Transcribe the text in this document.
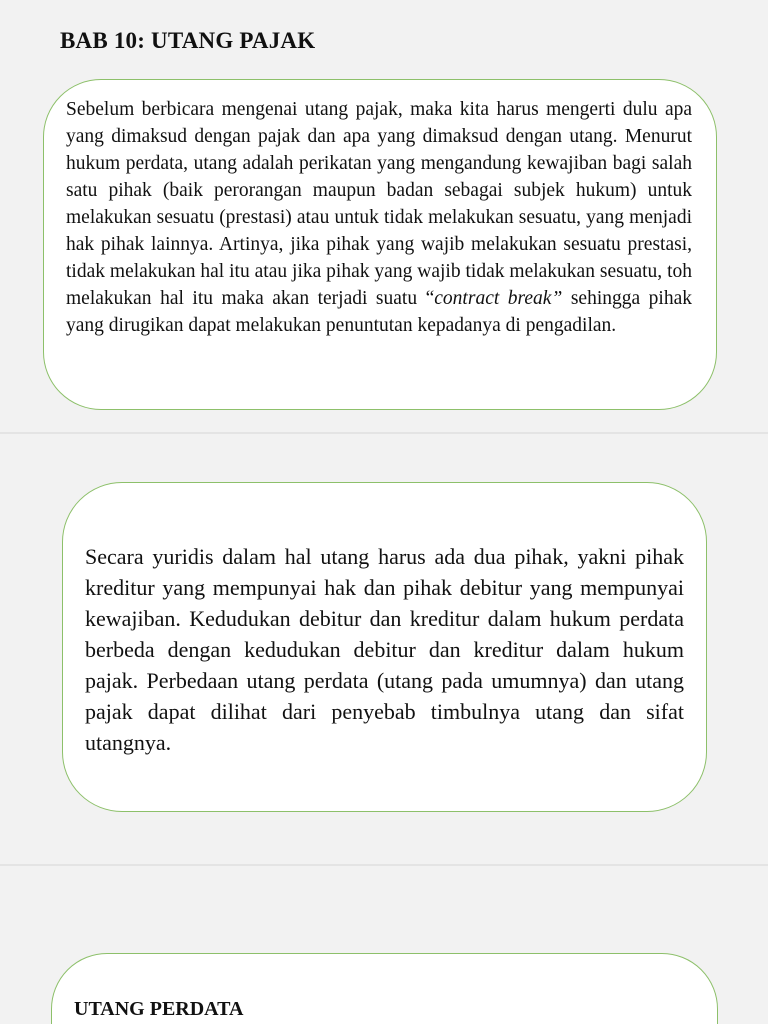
BAB 10: UTANG PAJAK

Sebelum berbicara mengenai utang pajak, maka kita harus mengerti dulu apa yang dimaksud dengan pajak dan apa yang dimaksud dengan utang. Menurut hukum perdata, utang adalah perikatan yang mengandung kewajiban bagi salah satu pihak (baik perorangan maupun badan sebagai subjek hukum) untuk melakukan sesuatu (prestasi) atau untuk tidak melakukan sesuatu, yang menjadi hak pihak lainnya. Artinya, jika pihak yang wajib melakukan sesuatu prestasi, tidak melakukan hal itu atau jika pihak yang wajib tidak melakukan sesuatu, toh melakukan hal itu maka akan terjadi suatu “contract break” sehingga pihak yang dirugikan dapat melakukan penuntutan kepadanya di pengadilan.

Secara yuridis dalam hal utang harus ada dua pihak, yakni pihak kreditur yang mempunyai hak dan pihak debitur yang mempunyai kewajiban. Kedudukan debitur dan kreditur dalam hukum perdata berbeda dengan kedudukan debitur dan kreditur dalam hukum pajak. Perbedaan utang perdata (utang pada umumnya) dan utang pajak dapat dilihat dari penyebab timbulnya utang dan sifat utangnya.

UTANG PERDATA
